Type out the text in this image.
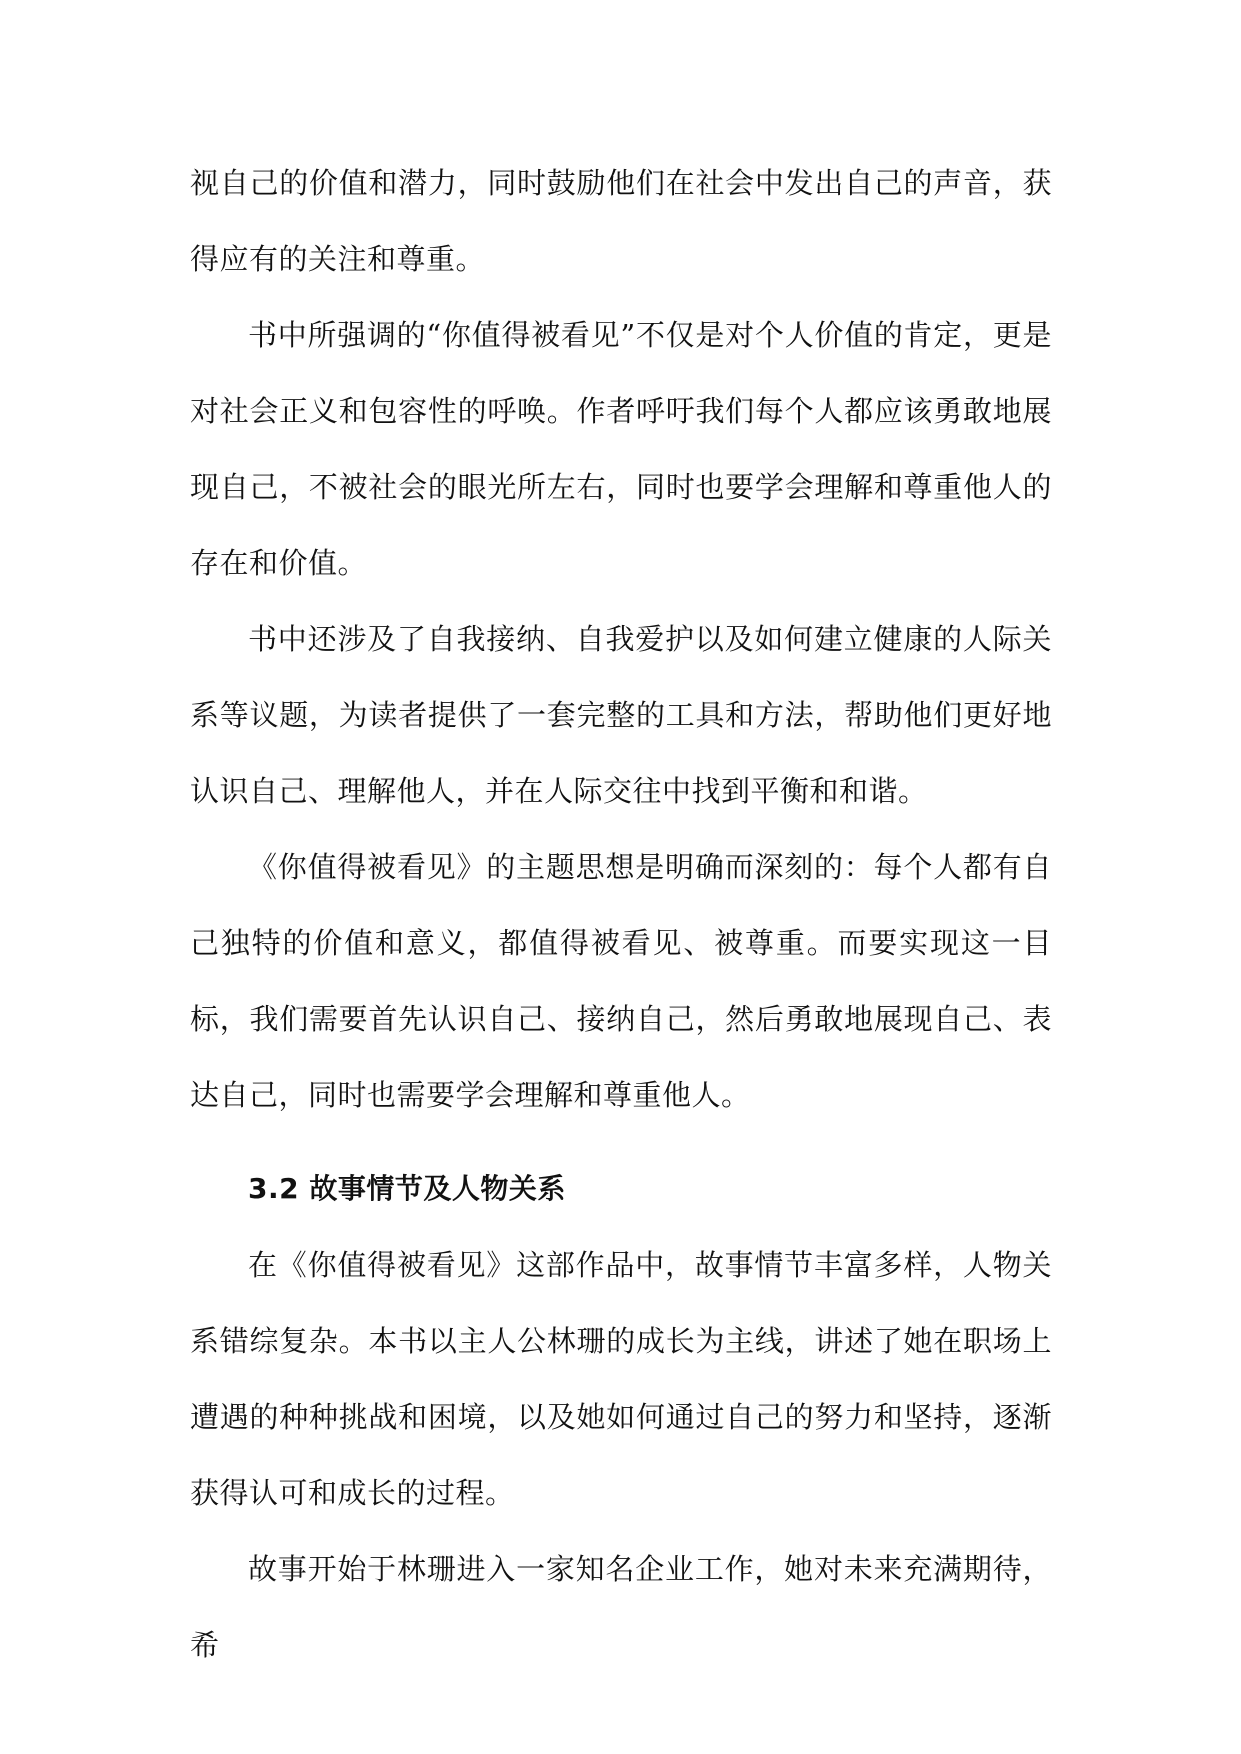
视自己的价值和潜力，同时鼓励他们在社会中发出自己的声音，获得应有的关注和尊重。

书中所强调的“你值得被看见”不仅是对个人价值的肯定，更是对社会正义和包容性的呼唤。作者呼吁我们每个人都应该勇敢地展现自己，不被社会的眼光所左右，同时也要学会理解和尊重他人的存在和价值。

书中还涉及了自我接纳、自我爱护以及如何建立健康的人际关系等议题，为读者提供了一套完整的工具和方法，帮助他们更好地认识自己、理解他人，并在人际交往中找到平衡和和谐。

《你值得被看见》的主题思想是明确而深刻的：每个人都有自己独特的价值和意义，都值得被看见、被尊重。而要实现这一目标，我们需要首先认识自己、接纳自己，然后勇敢地展现自己、表达自己，同时也需要学会理解和尊重他人。

3.2 故事情节及人物关系

在《你值得被看见》这部作品中，故事情节丰富多样，人物关系错综复杂。本书以主人公林珊的成长为主线，讲述了她在职场上遭遇的种种挑战和困境，以及她如何通过自己的努力和坚持，逐渐获得认可和成长的过程。

故事开始于林珊进入一家知名企业工作，她对未来充满期待，希
